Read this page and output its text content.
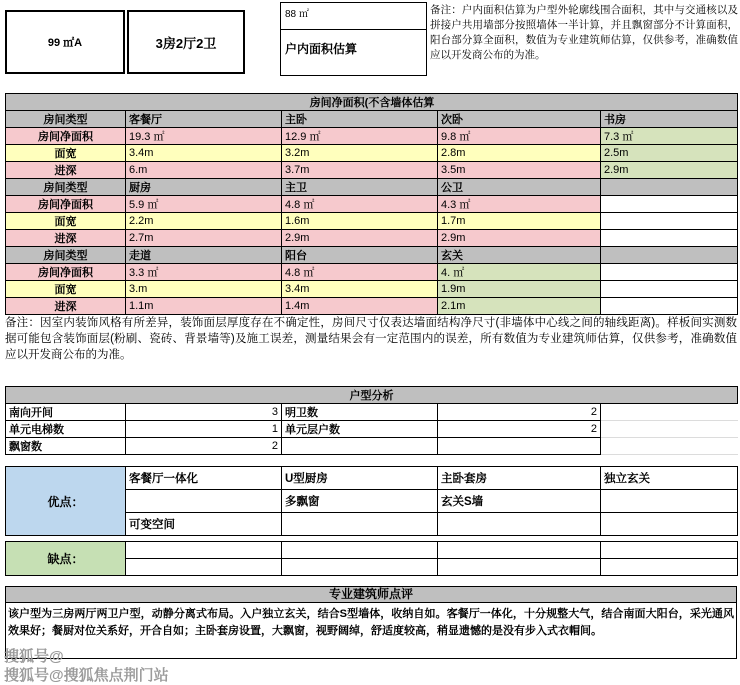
99 ㎡A	3房2厅2卫
88 ㎡
户内面积估算
备注：户内面积估算为户型外轮廓线围合面积，其中与交通核以及拼接户共用墙部分按照墙体一半计算，并且飘窗部分不计算面积，阳台部分算全面积，数值为专业建筑师估算，仅供参考，准确数值应以开发商公布的为准。
房间净面积(不含墙体估算				
房间类型	客餐厅	主卧	次卧	书房
房间净面积	19.3 ㎡	12.9 ㎡	9.8 ㎡	7.3 ㎡
面宽	3.4m	3.2m	2.8m	2.5m
进深	6.m	3.7m	3.5m	2.9m
房间类型	厨房	主卫	公卫	
房间净面积	5.9 ㎡	4.8 ㎡	4.3 ㎡	
面宽	2.2m	1.6m	1.7m	
进深	2.7m	2.9m	2.9m	
房间类型	走道	阳台	玄关	
房间净面积	3.3 ㎡	4.8 ㎡	4. ㎡	
面宽	3.m	3.4m	1.9m	
进深	1.1m	1.4m	2.1m	
备注：因室内装饰风格有所差异，装饰面层厚度存在不确定性，房间尺寸仅表达墙面结构净尺寸(非墙体中心线之间的轴线距离)。样板间实测数据可能包含装饰面层(粉刷、瓷砖、背景墙等)及施工误差，测量结果会有一定范围内的误差，所有数值为专业建筑师估算，仅供参考，准确数值应以开发商公布的为准。
户型分析				
南向开间	3	明卫数	2	
单元电梯数	1	单元层户数	2	
飘窗数	2			
优点：	客餐厅一体化	U型厨房	主卧套房	独立玄关
		多飘窗	玄关S墙	
	可变空间			
缺点：				

专业建筑师点评
该户型为三房两厅两卫户型，动静分离式布局。入户独立玄关，结合S型墙体，收纳自如。客餐厅一体化，十分规整大气，结合南面大阳台，采光通风效果好；餐厨对位关系好，开合自如；主卧套房设置，大飘窗，视野阔绰，舒适度较高，稍显遗憾的是没有步入式衣帽间。
搜狐号@
搜狐号@搜狐焦点荆门站
